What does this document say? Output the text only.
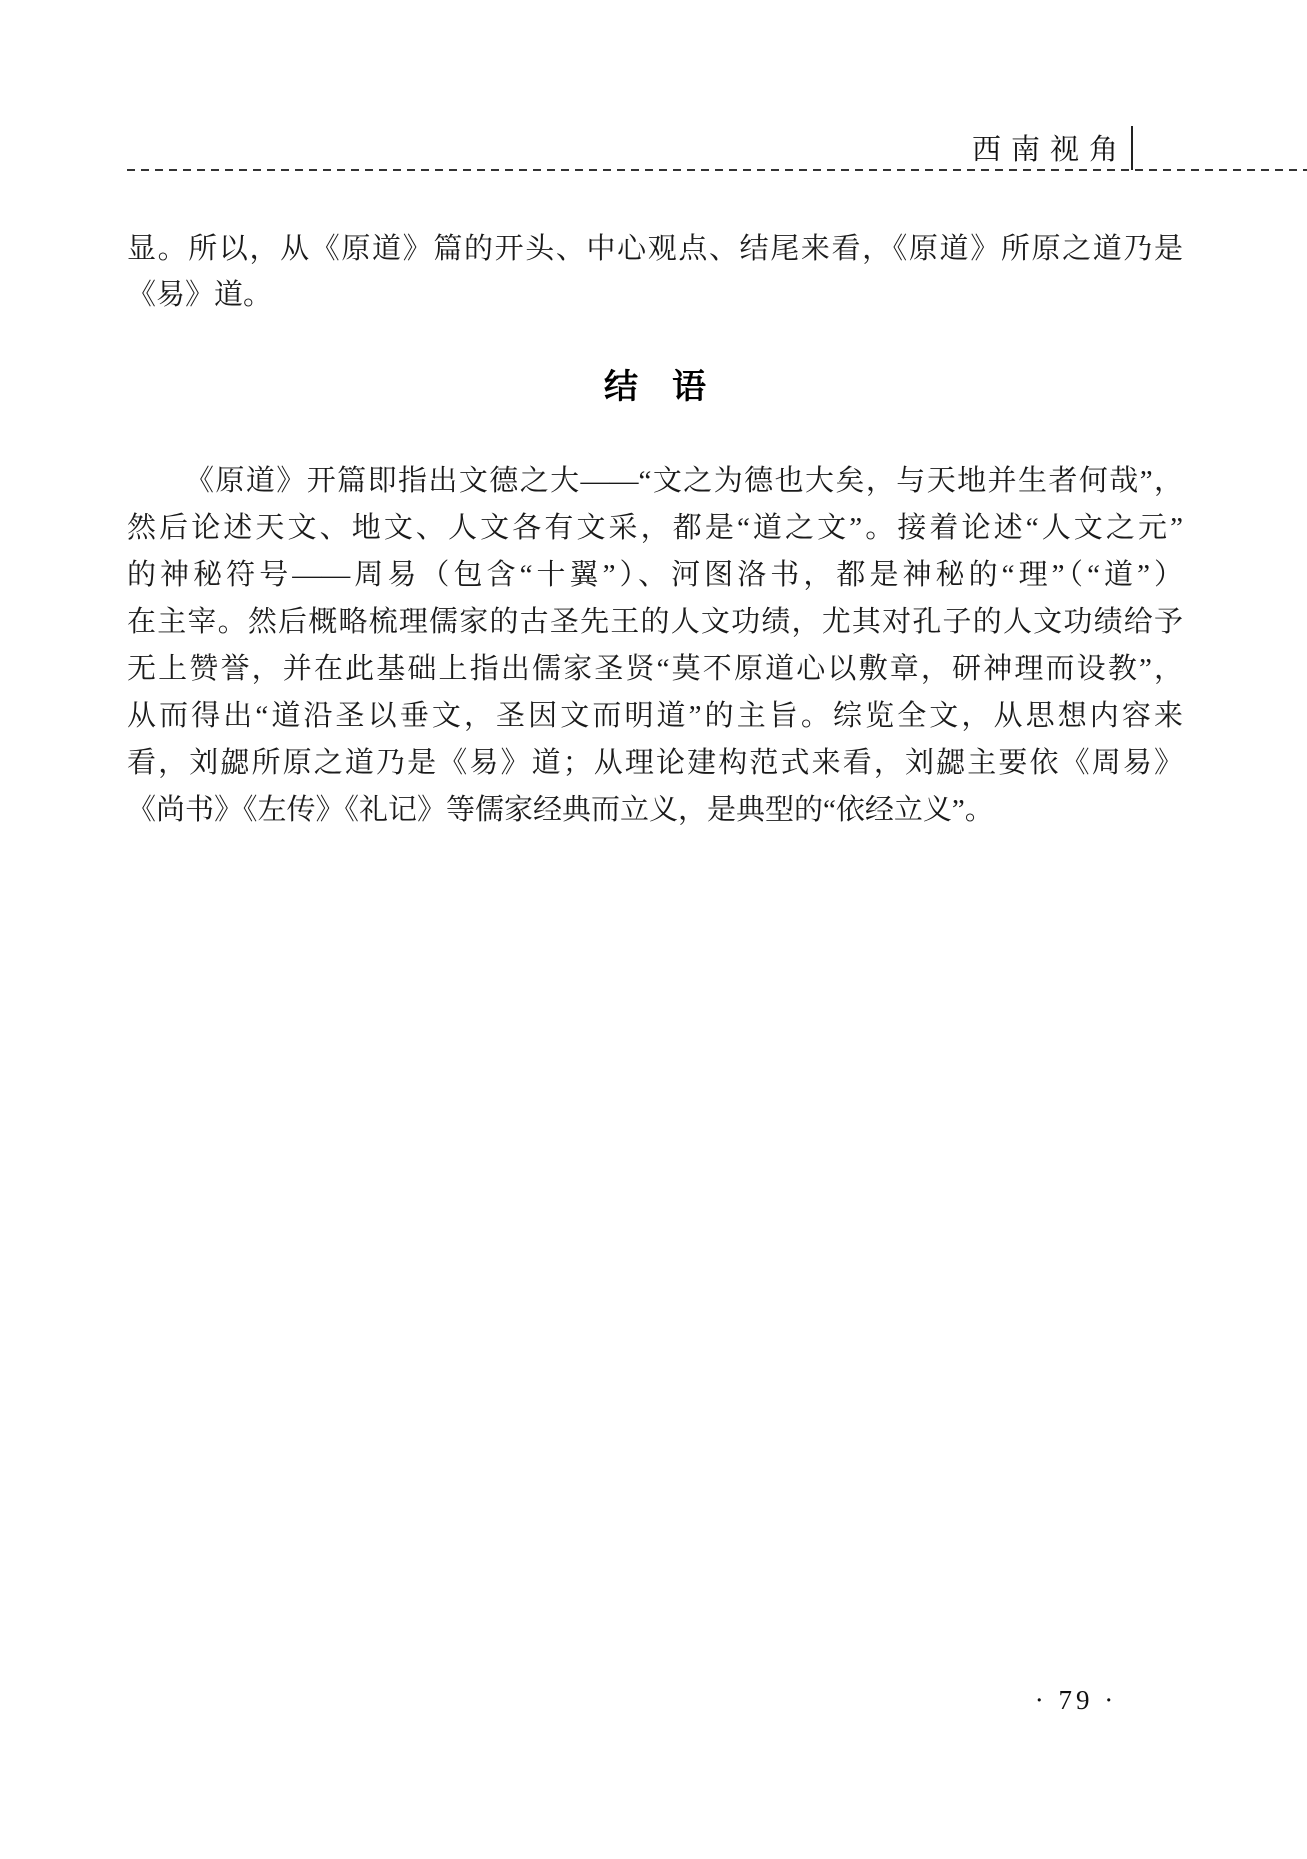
西南视角
显。所以，从《原道》篇的开头、中心观点、结尾来看，《原道》所原之道乃是
《易》道。
结　语
《原道》开篇即指出文德之大——“文之为德也大矣，与天地并生者何哉”，
然后论述天文、地文、人文各有文采，都是“道之文”。接着论述“人文之元”
的神秘符号——周易（包含“十翼”）、河图洛书，都是神秘的“理”（“道”）
在主宰。然后概略梳理儒家的古圣先王的人文功绩，尤其对孔子的人文功绩给予
无上赞誉，并在此基础上指出儒家圣贤“莫不原道心以敷章，研神理而设教”，
从而得出“道沿圣以垂文，圣因文而明道”的主旨。综览全文，从思想内容来
看，刘勰所原之道乃是《易》道；从理论建构范式来看，刘勰主要依《周易》
《尚书》《左传》《礼记》等儒家经典而立义，是典型的“依经立义”。
· 79 ·
